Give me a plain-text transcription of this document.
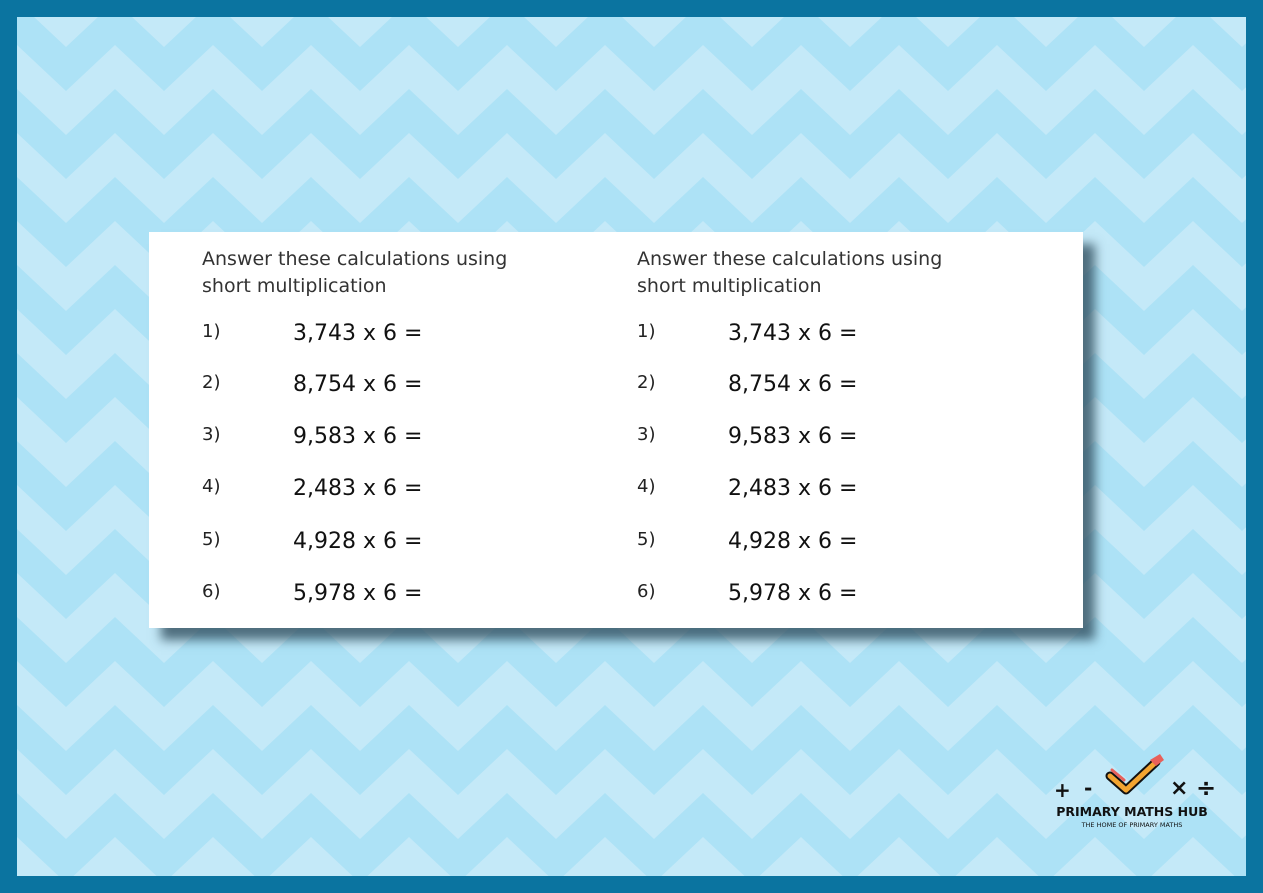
Answer these calculations using
short multiplication

1)	3,743 x 6 =
2)	8,754 x 6 =
3)	9,583 x 6 =
4)	2,483 x 6 =
5)	4,928 x 6 =
6)	5,978 x 6 =

Answer these calculations using
short multiplication

1)	3,743 x 6 =
2)	8,754 x 6 =
3)	9,583 x 6 =
4)	2,483 x 6 =
5)	4,928 x 6 =
6)	5,978 x 6 =
+ -	× ÷
PRIMARY MATHS HUB
THE HOME OF PRIMARY MATHS
